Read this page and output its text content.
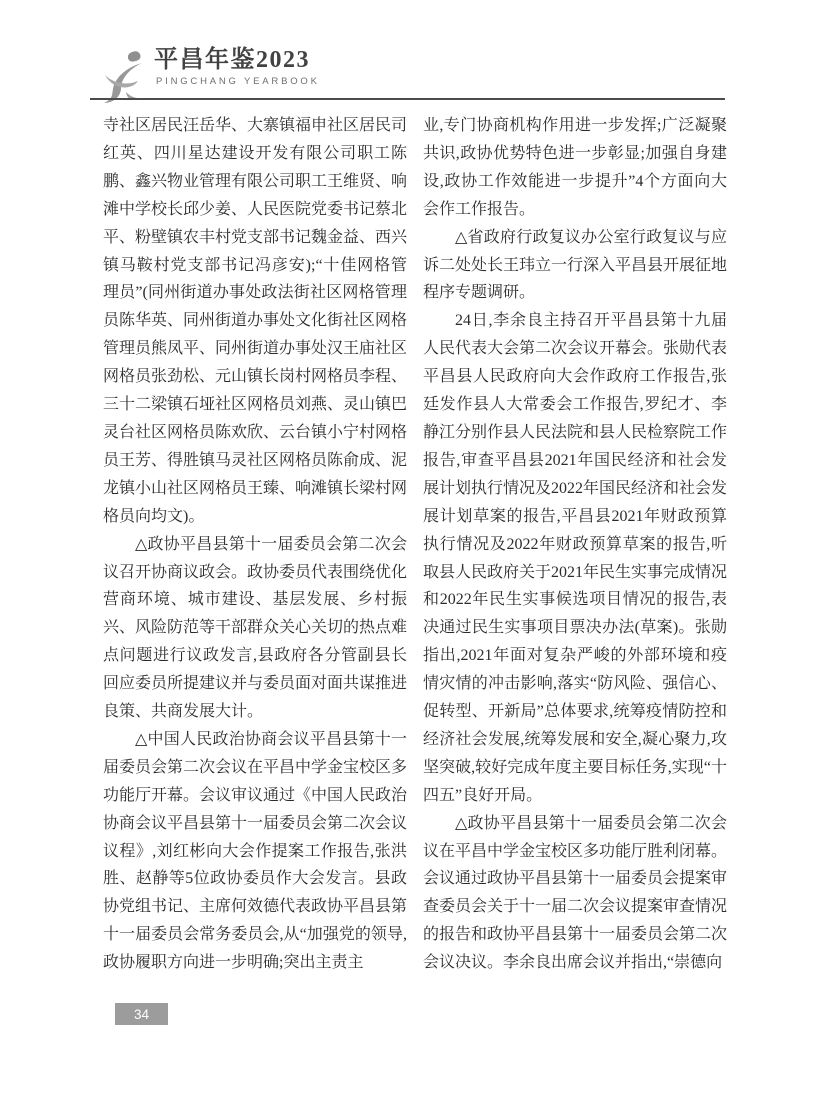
平昌年鉴2023
PINGCHANG YEARBOOK

寺社区居民汪岳华、大寨镇福申社区居民司红英、四川星达建设开发有限公司职工陈鹏、鑫兴物业管理有限公司职工王维贤、响滩中学校长邱少姜、人民医院党委书记蔡北平、粉壁镇农丰村党支部书记魏金益、西兴镇马鞍村党支部书记冯彦安);“十佳网格管理员”(同州街道办事处政法街社区网格管理员陈华英、同州街道办事处文化街社区网格管理员熊凤平、同州街道办事处汉王庙社区网格员张劲松、元山镇长岗村网格员李程、三十二梁镇石垭社区网格员刘燕、灵山镇巴灵台社区网格员陈欢欣、云台镇小宁村网格员王芳、得胜镇马灵社区网格员陈俞成、泥龙镇小山社区网格员王臻、响滩镇长梁村网格员向均文)。

△政协平昌县第十一届委员会第二次会议召开协商议政会。政协委员代表围绕优化营商环境、城市建设、基层发展、乡村振兴、风险防范等干部群众关心关切的热点难点问题进行议政发言,县政府各分管副县长回应委员所提建议并与委员面对面共谋推进良策、共商发展大计。

△中国人民政治协商会议平昌县第十一届委员会第二次会议在平昌中学金宝校区多功能厅开幕。会议审议通过《中国人民政治协商会议平昌县第十一届委员会第二次会议议程》,刘红彬向大会作提案工作报告,张洪胜、赵静等5位政协委员作大会发言。县政协党组书记、主席何效德代表政协平昌县第十一届委员会常务委员会,从“加强党的领导,政协履职方向进一步明确;突出主责主

业,专门协商机构作用进一步发挥;广泛凝聚共识,政协优势特色进一步彰显;加强自身建设,政协工作效能进一步提升”4个方面向大会作工作报告。

△省政府行政复议办公室行政复议与应诉二处处长王玮立一行深入平昌县开展征地程序专题调研。

24日,李余良主持召开平昌县第十九届人民代表大会第二次会议开幕会。张勋代表平昌县人民政府向大会作政府工作报告,张廷发作县人大常委会工作报告,罗纪才、李静江分别作县人民法院和县人民检察院工作报告,审查平昌县2021年国民经济和社会发展计划执行情况及2022年国民经济和社会发展计划草案的报告,平昌县2021年财政预算执行情况及2022年财政预算草案的报告,听取县人民政府关于2021年民生实事完成情况和2022年民生实事候选项目情况的报告,表决通过民生实事项目票决办法(草案)。张勋指出,2021年面对复杂严峻的外部环境和疫情灾情的冲击影响,落实“防风险、强信心、促转型、开新局”总体要求,统筹疫情防控和经济社会发展,统筹发展和安全,凝心聚力,攻坚突破,较好完成年度主要目标任务,实现“十四五”良好开局。

△政协平昌县第十一届委员会第二次会议在平昌中学金宝校区多功能厅胜利闭幕。会议通过政协平昌县第十一届委员会提案审查委员会关于十一届二次会议提案审查情况的报告和政协平昌县第十一届委员会第二次会议决议。李余良出席会议并指出,“崇德向

34
